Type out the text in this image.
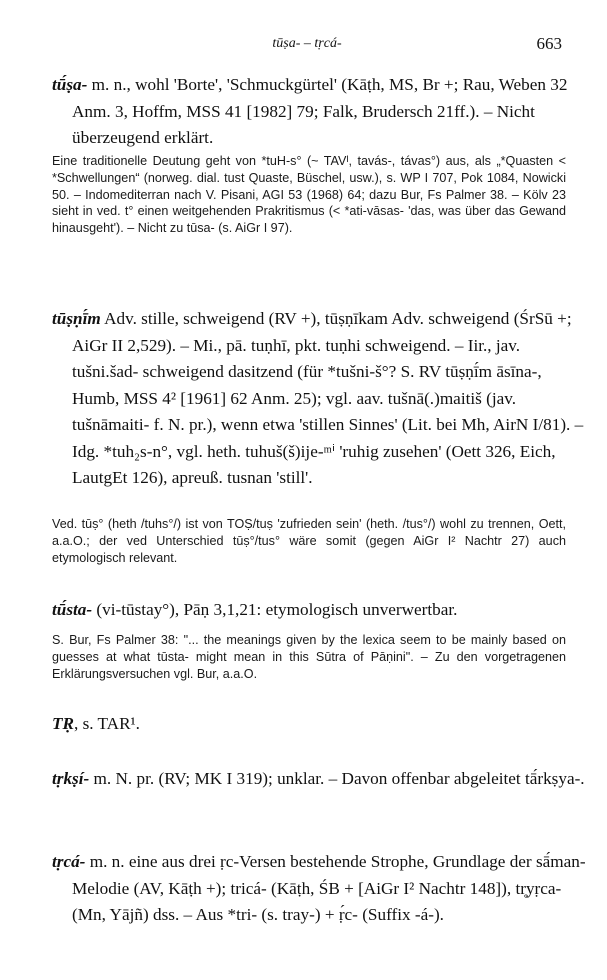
tūṣa- – tṛcá-	663

tū́ṣa- m. n., wohl 'Borte', 'Schmuckgürtel' (Kāṭh, MS, Br +; Rau, Weben 32 Anm. 3, Hoffm, MSS 41 [1982] 79; Falk, Brudersch 21ff.). – Nicht überzeugend erklärt.

Eine traditionelle Deutung geht von *tuH-s° (~ TAVᴵ, tavás-, távas°) aus, als „*Quasten < *Schwellungen“ (norweg. dial. tust Quaste, Büschel, usw.), s. WP I 707, Pok 1084, Nowicki 50. – Indomediterran nach V. Pisani, AGI 53 (1968) 64; dazu Bur, Fs Palmer 38. – Kölv 23 sieht in ved. t° einen weitgehenden Prakritismus (< *ati-vāsas- 'das, was über das Gewand hinausgeht'). – Nicht zu tūsa- (s. AiGr I 97).

tūṣṇī́m Adv. stille, schweigend (RV +), tūṣṇīkam Adv. schweigend (ŚrSū +; AiGr II 2,529). – Mi., pā. tuṇhī, pkt. tuṇhi schweigend. – Iir., jav. tušni.šad- schweigend dasitzend (für *tušni-š°? S. RV tūṣṇī́m āsīna-, Humb, MSS 4² [1961] 62 Anm. 25); vgl. aav. tušnā(.)maitiš (jav. tušnāmaiti- f. N. pr.), wenn etwa 'stillen Sinnes' (Lit. bei Mh, AirN I/81). – Idg. *tuh₂s-n°, vgl. heth. tuhuš(š)ije-ᵐⁱ 'ruhig zusehen' (Oett 326, Eich, LautgEt 126), apreuß. tusnan 'still'.

Ved. tūṣ° (heth /tuhs°/) ist von TOṢ/tuṣ 'zufrieden sein' (heth. /tus°/) wohl zu trennen, Oett, a.a.O.; der ved Unterschied tūṣ°/tus° wäre somit (gegen AiGr I² Nachtr 27) auch etymologisch relevant.

tū́sta- (vi-tūstay°), Pāṇ 3,1,21: etymologisch unverwertbar.

S. Bur, Fs Palmer 38: "... the meanings given by the lexica seem to be mainly based on guesses at what tūsta- might mean in this Sūtra of Pāṇini". – Zu den vorgetragenen Erklärungsversuchen vgl. Bur, a.a.O.

TṚ, s. TAR¹.

tṛkṣí- m. N. pr. (RV; MK I 319); unklar. – Davon offenbar abgeleitet tā́rkṣya-.

tṛcá- m. n. eine aus drei ṛc-Versen bestehende Strophe, Grundlage der sā́man-Melodie (AV, Kāṭh +); tricá- (Kāṭh, ŚB + [AiGr I² Nachtr 148]), tr̥yṛca- (Mn, Yājñ) dss. – Aus *tri- (s. tray-) + ṛ́c- (Suffix -á-).
